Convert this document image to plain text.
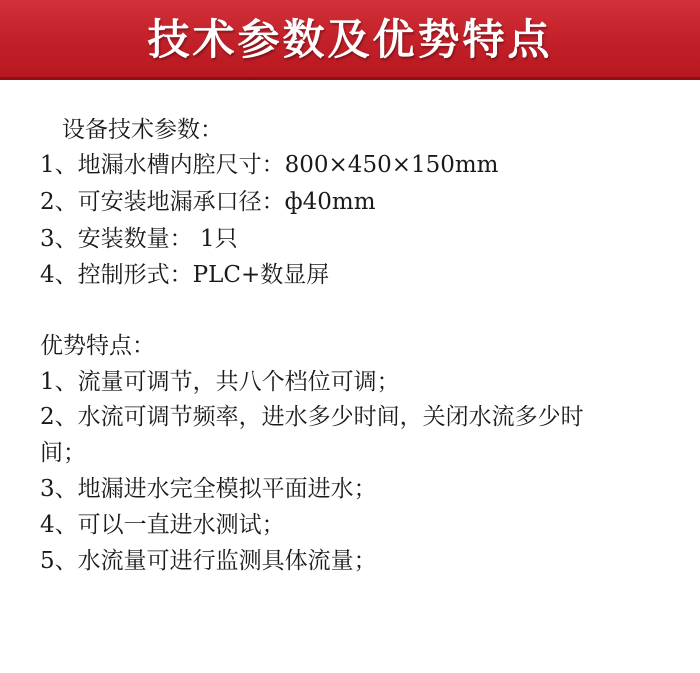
技术参数及优势特点
设备技术参数：
1、地漏水槽内腔尺寸：800×450×150mm
2、可安装地漏承口径：ф40mm
3、安装数量： 1只
4、控制形式：PLC+数显屏
优势特点：
1、流量可调节，共八个档位可调；
2、水流可调节频率，进水多少时间，关闭水流多少时
间；
3、地漏进水完全模拟平面进水；
4、可以一直进水测试；
5、水流量可进行监测具体流量；
